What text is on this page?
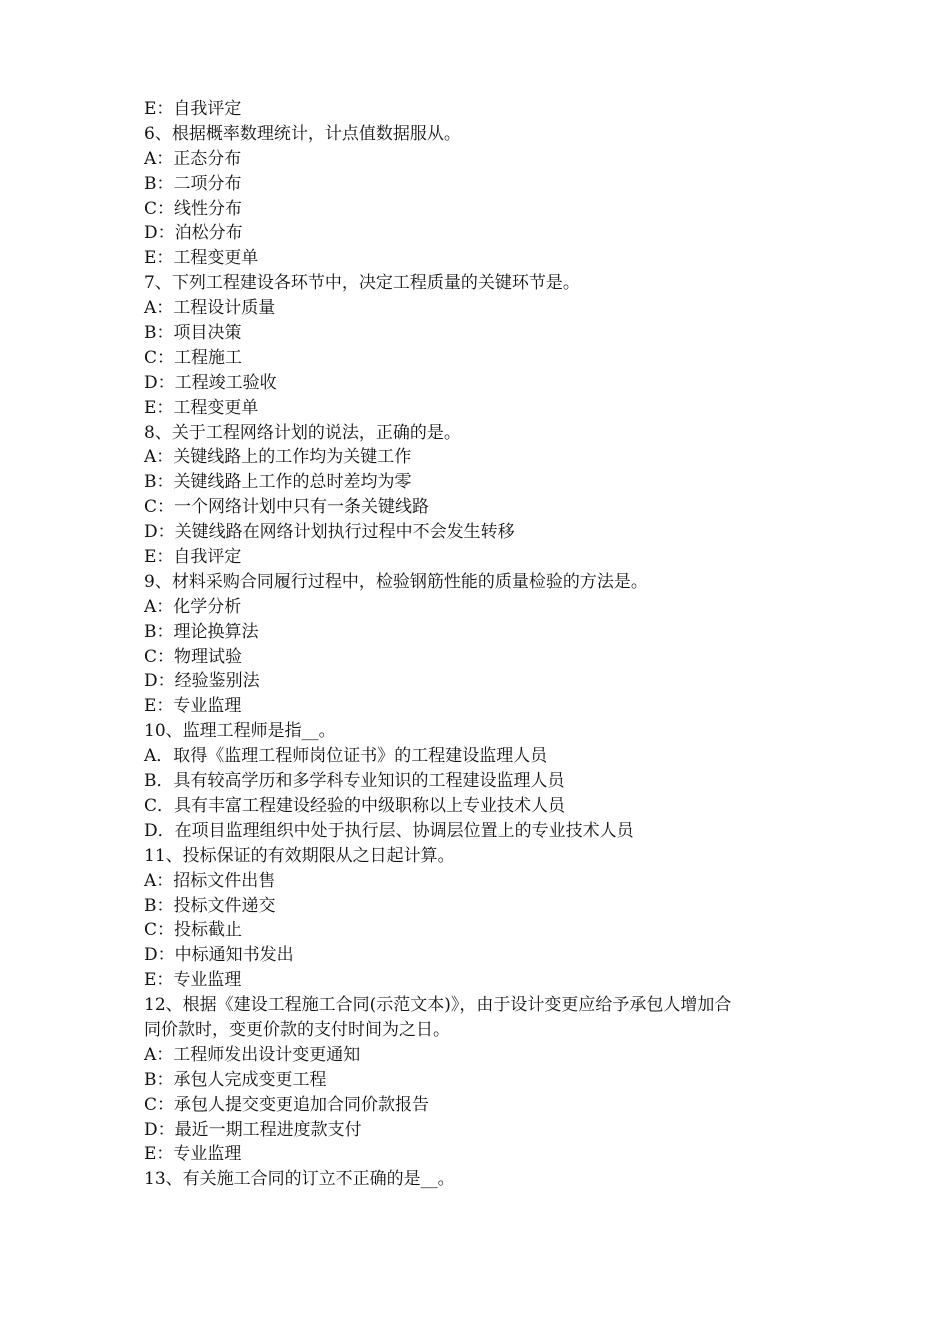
E：自我评定
6、根据概率数理统计，计点值数据服从。
A：正态分布
B：二项分布
C：线性分布
D：泊松分布
E：工程变更单
7、下列工程建设各环节中，决定工程质量的关键环节是。
A：工程设计质量
B：项目决策
C：工程施工
D：工程竣工验收
E：工程变更单
8、关于工程网络计划的说法，正确的是。
A：关键线路上的工作均为关键工作
B：关键线路上工作的总时差均为零
C：一个网络计划中只有一条关键线路
D：关键线路在网络计划执行过程中不会发生转移
E：自我评定
9、材料采购合同履行过程中，检验钢筋性能的质量检验的方法是。
A：化学分析
B：理论换算法
C：物理试验
D：经验鉴别法
E：专业监理
10、监理工程师是指__。
A．取得《监理工程师岗位证书》的工程建设监理人员
B．具有较高学历和多学科专业知识的工程建设监理人员
C．具有丰富工程建设经验的中级职称以上专业技术人员
D．在项目监理组织中处于执行层、协调层位置上的专业技术人员
11、投标保证的有效期限从之日起计算。
A：招标文件出售
B：投标文件递交
C：投标截止
D：中标通知书发出
E：专业监理
12、根据《建设工程施工合同(示范文本)》，由于设计变更应给予承包人增加合
同价款时，变更价款的支付时间为之日。
A：工程师发出设计变更通知
B：承包人完成变更工程
C：承包人提交变更追加合同价款报告
D：最近一期工程进度款支付
E：专业监理
13、有关施工合同的订立不正确的是__。
